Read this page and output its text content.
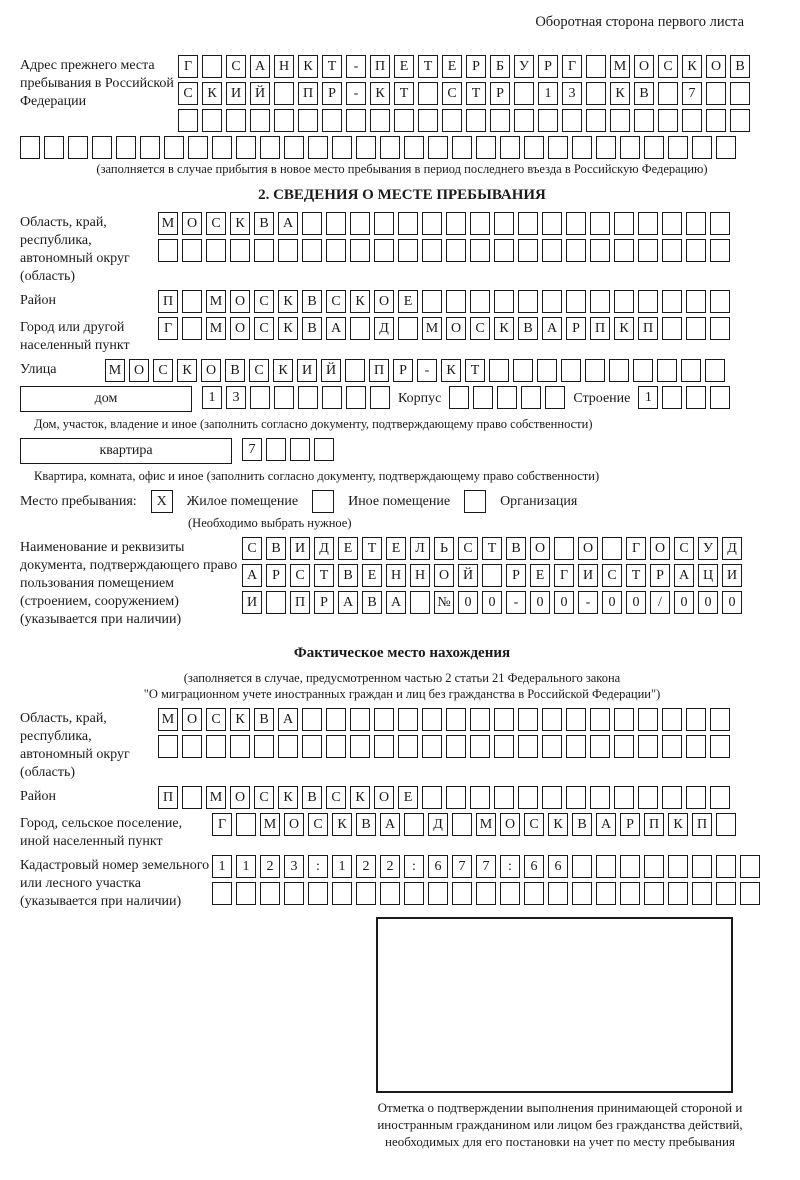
Оборотная сторона первого листа
Адрес прежнего места пребывания в Российской Федерации
Г	С	А Н	К	Т	-	П	Е	Т	Е	Р	Б	У	Р	Г	М О	С	К	О	В
С	К	И Й	П	Р	-	К	Т	С	Т	Р	1	3	К	В	7
(заполняется в случае прибытия в новое место пребывания в период последнего въезда в Российскую Федерацию)
2. СВЕДЕНИЯ О МЕСТЕ ПРЕБЫВАНИЯ
Область, край, республика, автономный округ (область)
М О	С	К	В	А
Район	П	М О	С	К	В	С	К	О	Е
Город или другой населенный пункт
Г	М О	С	К	В	А	Д	М О	С	К	В	А	Р	П	К	П
Улица	М О	С	К	О	В	С	К	И Й	П	Р	-	К	Т
дом	1	3	Корпус	Строение	1
Дом, участок, владение и иное (заполнить согласно документу, подтверждающему право собственности)
квартира	7
Квартира, комната, офис и иное (заполнить согласно документу, подтверждающему право собственности)
Место пребывания:	X	Жилое помещение	Иное помещение	Организация
(Необходимо выбрать нужное)
Наименование и реквизиты документа, подтверждающего право пользования помещением (строением, сооружением) (указывается при наличии)
С	В	И	Д	Е	Т	Е	Л	Ь	С	Т	В	О	О	Г	О	С	У	Д
А	Р	С	Т	В	Е	Н Н О Й	Р	Е	Г	И	С	Т	Р	А Ц И
И	П	Р	А	В	А	№ 0	0	-	0	0	-	0	0	/	0	0	0
Фактическое место нахождения
(заполняется в случае, предусмотренном частью 2 статьи 21 Федерального закона
"О миграционном учете иностранных граждан и лиц без гражданства в Российской Федерации")
Область, край, республика, автономный округ (область)
М О	С	К	В	А
Район	П	М О	С	К	В	С	К	О	Е
Город, сельское поселение, иной населенный пункт
Г	М О	С	К	В	А	Д	М О	С	К	В	А	Р	П	К	П
Кадастровый номер земельного или лесного участка (указывается при наличии)
1	1	2	3	:	1	2	2	:	6	7	7	:	6	6
Отметка о подтверждении выполнения принимающей стороной и иностранным гражданином или лицом без гражданства действий, необходимых для его постановки на учет по месту пребывания
